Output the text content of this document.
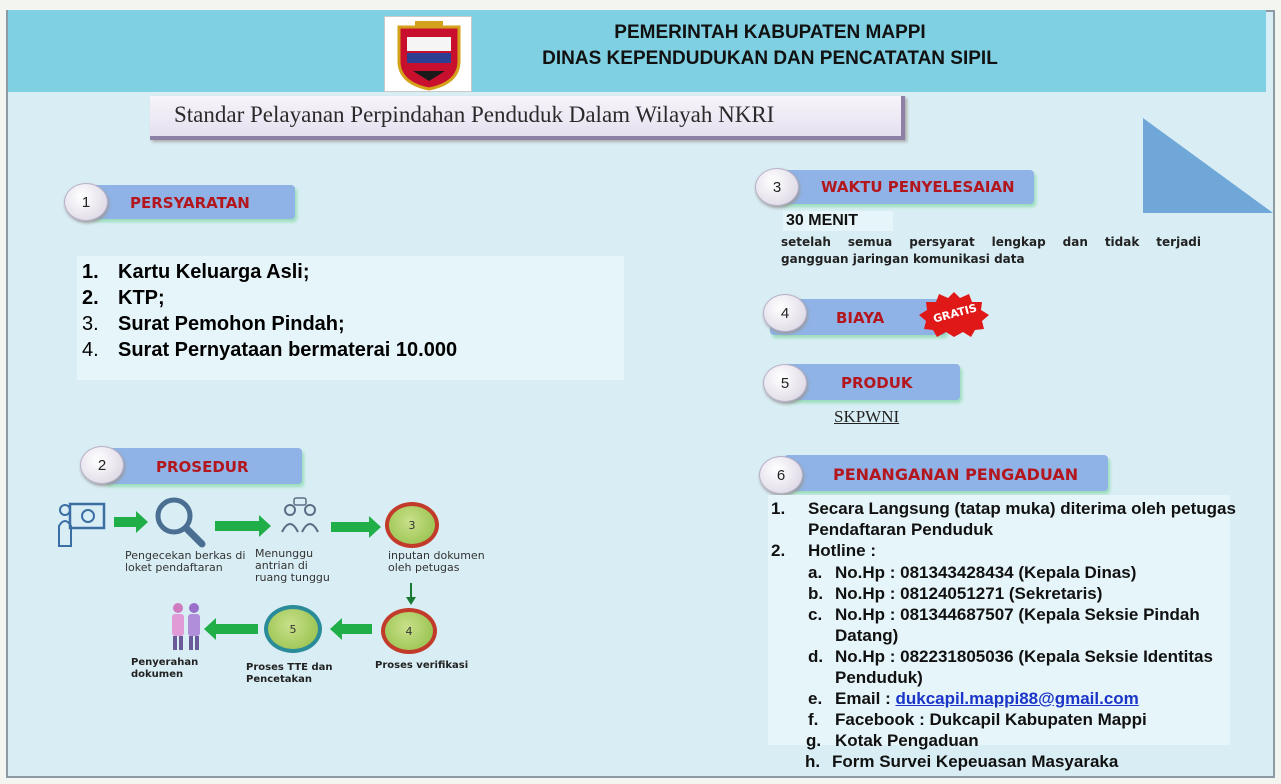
PEMERINTAH KABUPATEN MAPPI
DINAS KEPENDUDUKAN DAN PENCATATAN SIPIL
Standar Pelayanan Perpindahan Penduduk Dalam Wilayah NKRI
1	PERSYARATAN
1. Kartu Keluarga Asli;
2. KTP;
3. Surat Pemohon Pindah;
4. Surat Pernyataan bermaterai 10.000
2	PROSEDUR
3
Pengecekan berkas di loket pendaftaran
Menunggu antrian di ruang tunggu
inputan dokumen oleh petugas
4
5
Penyerahan dokumen
Proses TTE dan Pencetakan
Proses verifikasi
3	WAKTU PENYELESAIAN
30 MENIT
setelah semua persyarat lengkap dan tidak terjadi
gangguan jaringan komunikasi data
4	BIAYA	GRATIS
5	PRODUK
SKPWNI
6	PENANGANAN PENGADUAN
1. Secara Langsung (tatap muka) diterima oleh petugas
Pendaftaran Penduduk
2. Hotline :
a. No.Hp : 081343428434 (Kepala Dinas)
b. No.Hp : 08124051271 (Sekretaris)
c. No.Hp : 081344687507 (Kepala Seksie Pindah
Datang)
d. No.Hp : 082231805036 (Kepala Seksie Identitas
Penduduk)
e. Email : dukcapil.mappi88@gmail.com
f. Facebook : Dukcapil Kabupaten Mappi
g. Kotak Pengaduan
h. Form Survei Kepeuasan Masyaraka
